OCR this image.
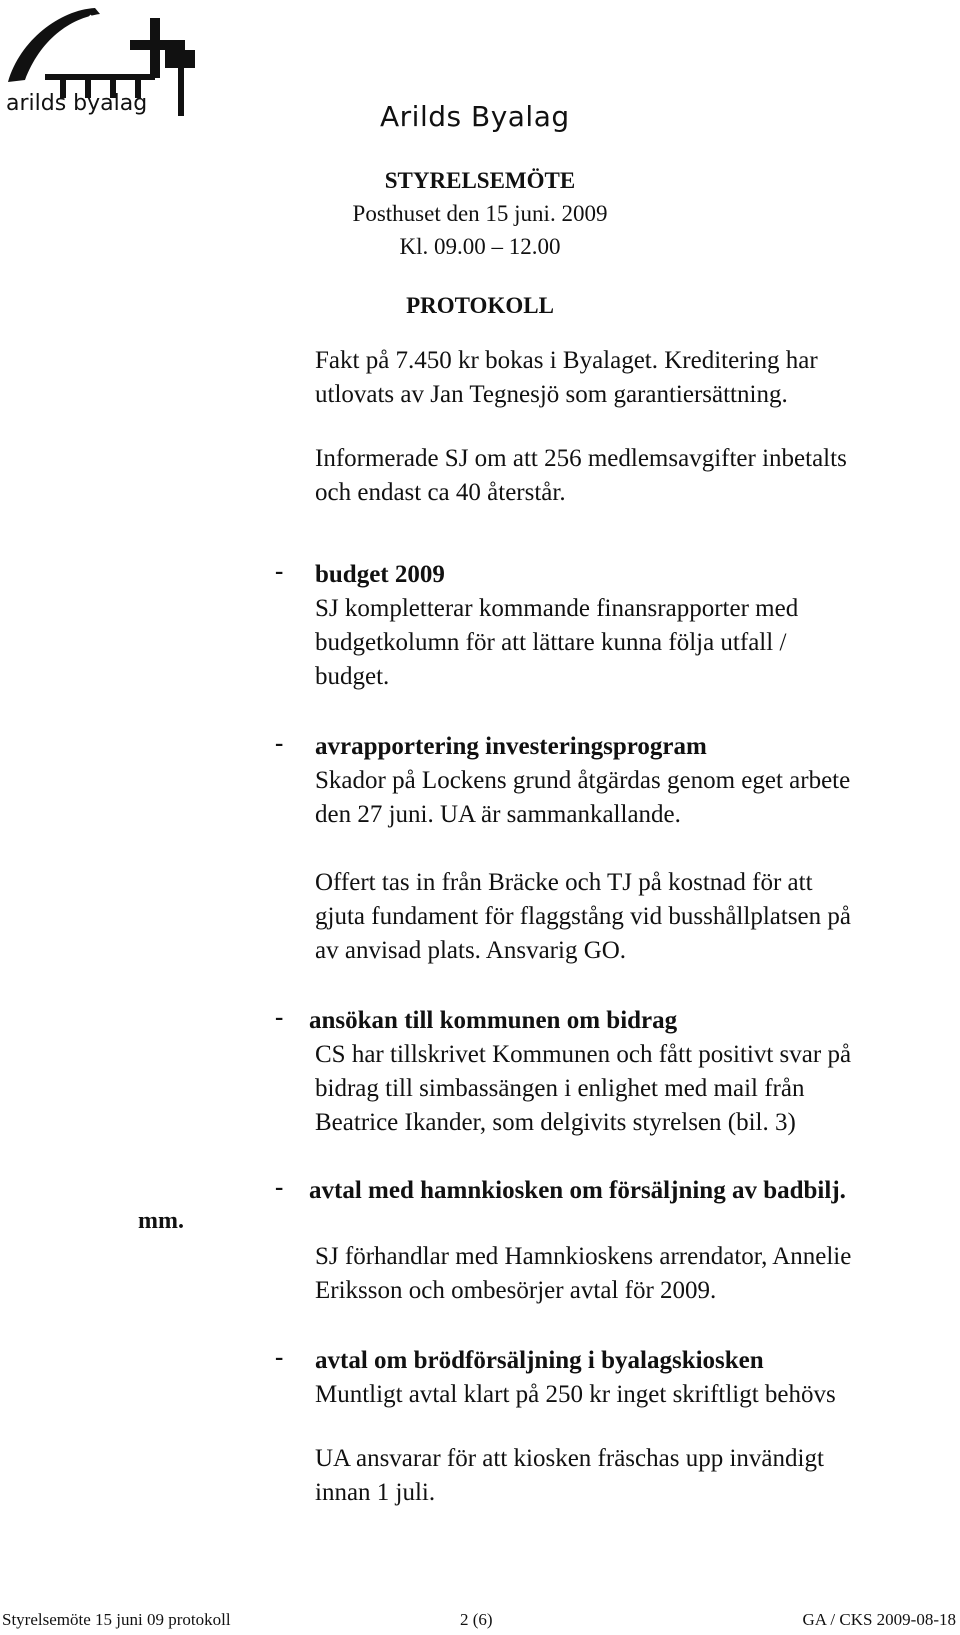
arilds byalag	Arilds Byalag
STYRELSEMÖTE
Posthuset den 15 juni. 2009
Kl. 09.00 – 12.00
PROTOKOLL
Fakt på 7.450 kr bokas i Byalaget. Kreditering har
utlovats av Jan Tegnesjö som garantiersättning.
Informerade SJ om att 256 medlemsavgifter inbetalts
och endast ca 40 återstår.
- budget 2009
SJ kompletterar kommande finansrapporter med
budgetkolumn för att lättare kunna följa utfall /
budget.
- avrapportering investeringsprogram
Skador på Lockens grund åtgärdas genom eget arbete
den 27 juni. UA är sammankallande.
Offert tas in från Bräcke och TJ på kostnad för att
gjuta fundament för flaggstång vid busshållplatsen på
av anvisad plats. Ansvarig GO.
- ansökan till kommunen om bidrag
CS har tillskrivet Kommunen och fått positivt svar på
bidrag till simbassängen i enlighet med mail från
Beatrice Ikander, som delgivits styrelsen (bil. 3)
- avtal med hamnkiosken om försäljning av badbilj.
mm.
SJ förhandlar med Hamnkioskens arrendator, Annelie
Eriksson och ombesörjer avtal för 2009.
- avtal om brödförsäljning i byalagskiosken
Muntligt avtal klart på 250 kr inget skriftligt behövs
UA ansvarar för att kiosken fräschas upp invändigt
innan 1 juli.
Styrelsemöte 15 juni 09 protokoll	2 (6)	GA / CKS 2009-08-18
